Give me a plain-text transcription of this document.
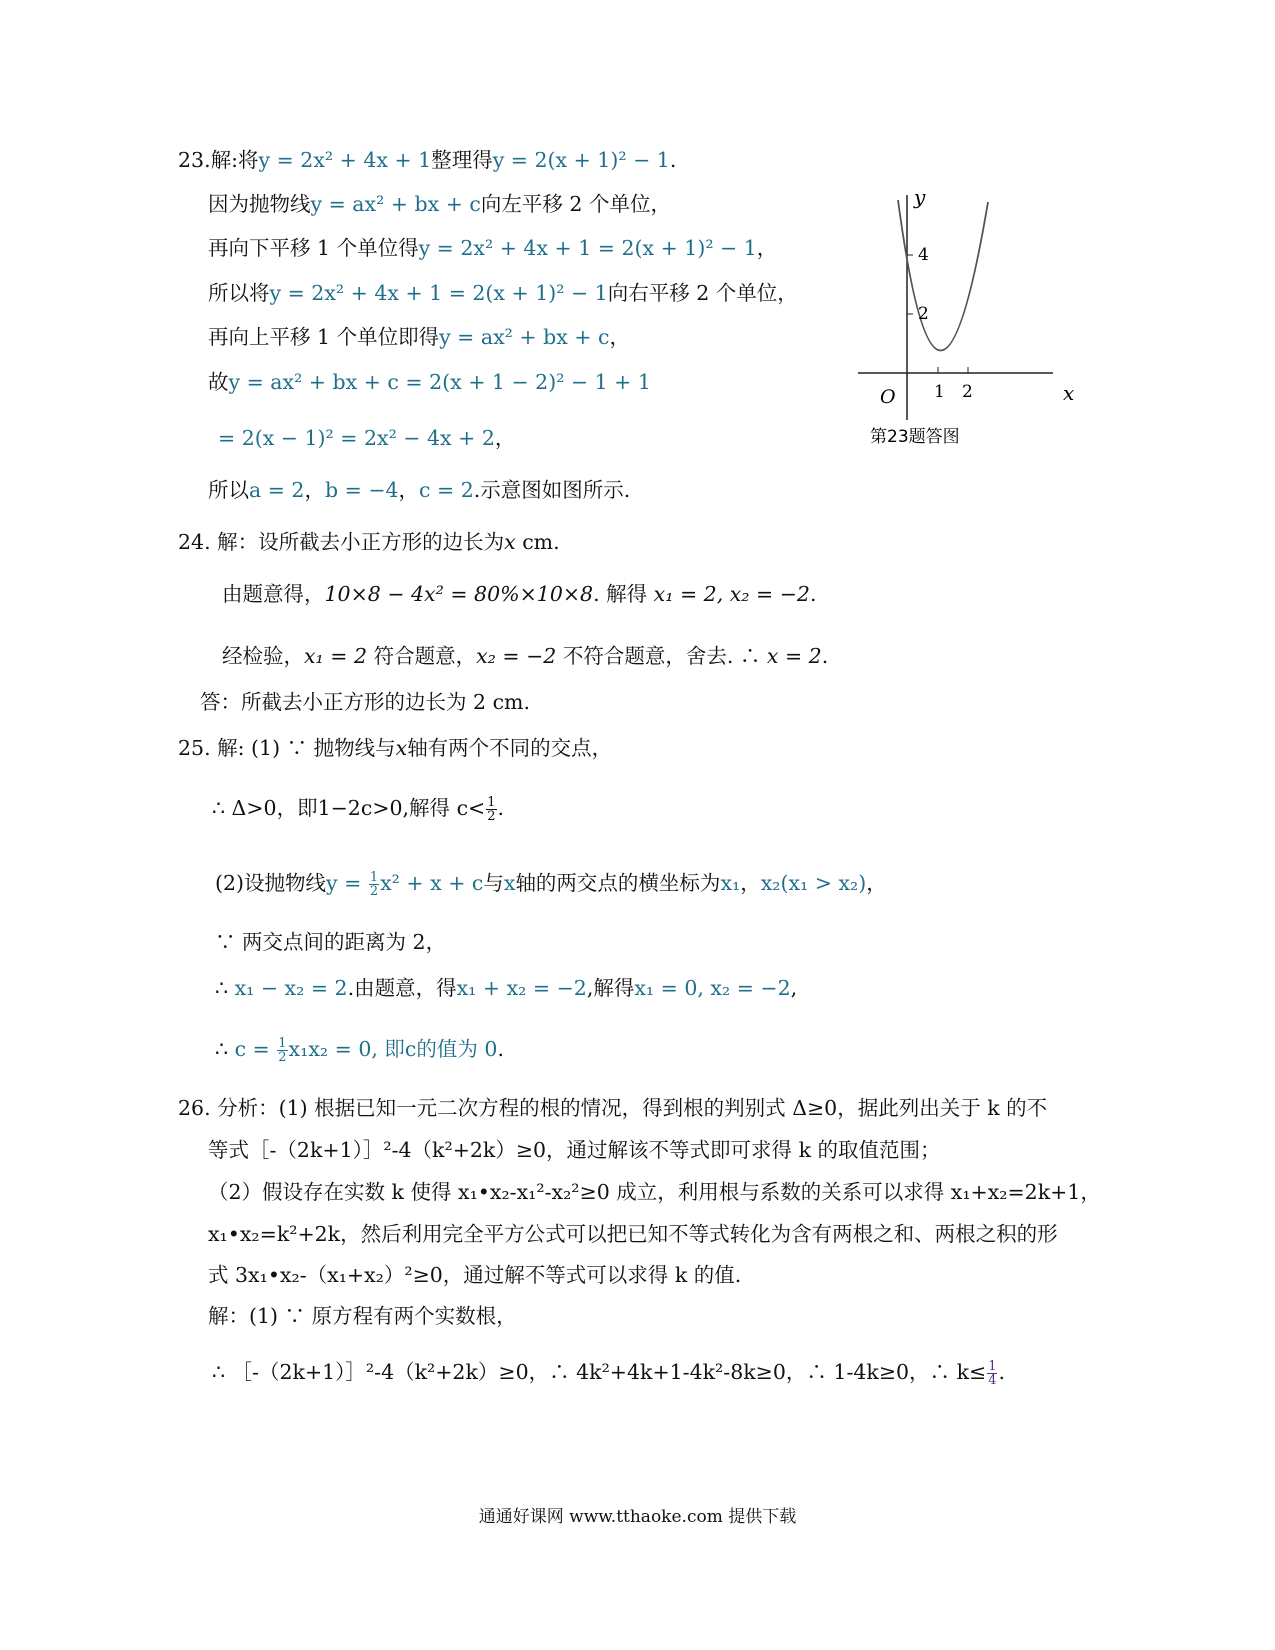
23.解:将y = 2x² + 4x + 1整理得y = 2(x + 1)² − 1.
因为抛物线y = ax² + bx + c向左平移 2 个单位，
再向下平移 1 个单位得y = 2x² + 4x + 1 = 2(x + 1)² − 1，
所以将y = 2x² + 4x + 1 = 2(x + 1)² − 1向右平移 2 个单位，
再向上平移 1 个单位即得y = ax² + bx + c，
故y = ax² + bx + c = 2(x + 1 − 2)² − 1 + 1
= 2(x − 1)² = 2x² − 4x + 2，
所以a = 2，b = −4，c = 2.示意图如图所示.
y
x
O
4
2
1 2
第23题答图
24. 解：设所截去小正方形的边长为x cm.
由题意得，10×8 − 4x² = 80%×10×8. 解得 x₁ = 2, x₂ = −2.
经检验，x₁ = 2 符合题意，x₂ = −2 不符合题意，舍去. ∴ x = 2.
答：所截去小正方形的边长为 2 cm.
25. 解: (1) ∵ 抛物线与x轴有两个不同的交点，
∴ Δ>0，即1−2c>0,解得 $c< \frac{1}{2}$ .
(2)设抛物线$y = \frac{1}{2} x^2 + x + c$与x轴的两交点的横坐标为x₁，x₂(x₁ > x₂)，
∵ 两交点间的距离为 2，
∴ x₁ − x₂ = 2.由题意，得x₁ + x₂ = −2,解得x₁ = 0, x₂ = −2,
∴ $c = \frac{1}{2} x_1x_2 = 0$, 即c的值为 0.
26. 分析：(1) 根据已知一元二次方程的根的情况，得到根的判别式 Δ≥0，据此列出关于 k 的不
等式［-（2k+1）］²-4（k²+2k）≥0，通过解该不等式即可求得 k 的取值范围；
（2）假设存在实数 k 使得 x₁•x₂-x₁²-x₂²≥0 成立，利用根与系数的关系可以求得 x₁+x₂=2k+1，
x₁•x₂=k²+2k，然后利用完全平方公式可以把已知不等式转化为含有两根之和、两根之积的形
式 3x₁•x₂-（x₁+x₂）²≥0，通过解不等式可以求得 k 的值.
解：(1) ∵ 原方程有两个实数根，
∴ ［-（2k+1）］²-4（k²+2k）≥0，∴ 4k²+4k+1-4k²-8k≥0，∴ 1-4k≥0，∴ $k\le \frac{1}{4}$ .
通通好课网 www.tthaoke.com 提供下载
